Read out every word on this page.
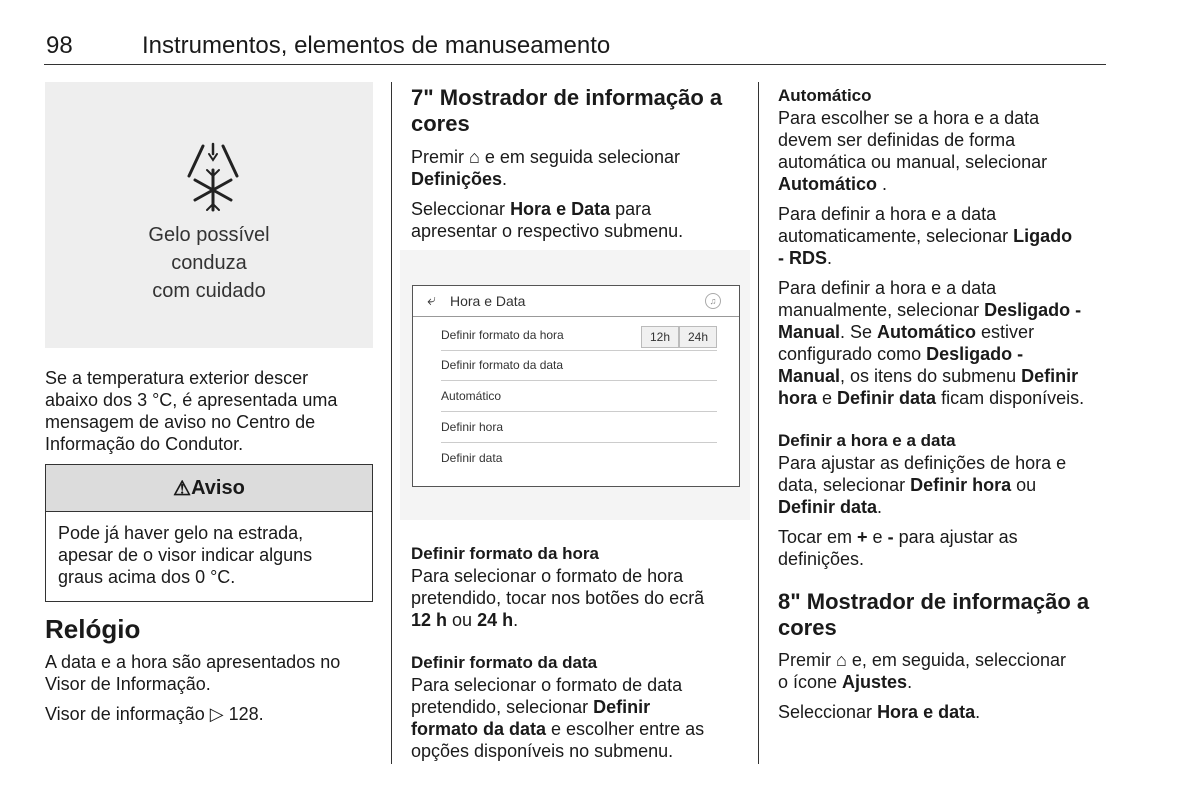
98	Instrumentos, elementos de manuseamento
Gelo possível
conduza
com cuidado
Se a temperatura exterior descer
abaixo dos 3 °C, é apresentada uma
mensagem de aviso no Centro de
Informação do Condutor.
⚠ Aviso
Pode já haver gelo na estrada,
apesar de o visor indicar alguns
graus acima dos 0 °C.
Relógio
A data e a hora são apresentados no
Visor de Informação.
Visor de informação ▷ 128.
7" Mostrador de informação a
cores
Premir ⌂ e em seguida selecionar
Definições.
Seleccionar Hora e Data para
apresentar o respectivo submenu.
⤶ Hora e Data	♫
Definir formato da hora	12h	24h
Definir formato da data
Automático
Definir hora
Definir data
Definir formato da hora
Para selecionar o formato de hora
pretendido, tocar nos botões do ecrã
12 h ou 24 h.
Definir formato da data
Para selecionar o formato de data
pretendido, selecionar Definir
formato da data e escolher entre as
opções disponíveis no submenu.
Automático
Para escolher se a hora e a data
devem ser definidas de forma
automática ou manual, selecionar
Automático .
Para definir a hora e a data
automaticamente, selecionar Ligado
- RDS.
Para definir a hora e a data
manualmente, selecionar Desligado -
Manual. Se Automático estiver
configurado como Desligado -
Manual, os itens do submenu Definir
hora e Definir data ficam disponíveis.
Definir a hora e a data
Para ajustar as definições de hora e
data, selecionar Definir hora ou
Definir data.
Tocar em + e - para ajustar as
definições.
8" Mostrador de informação a
cores
Premir ⌂ e, em seguida, seleccionar
o ícone Ajustes.
Seleccionar Hora e data.
